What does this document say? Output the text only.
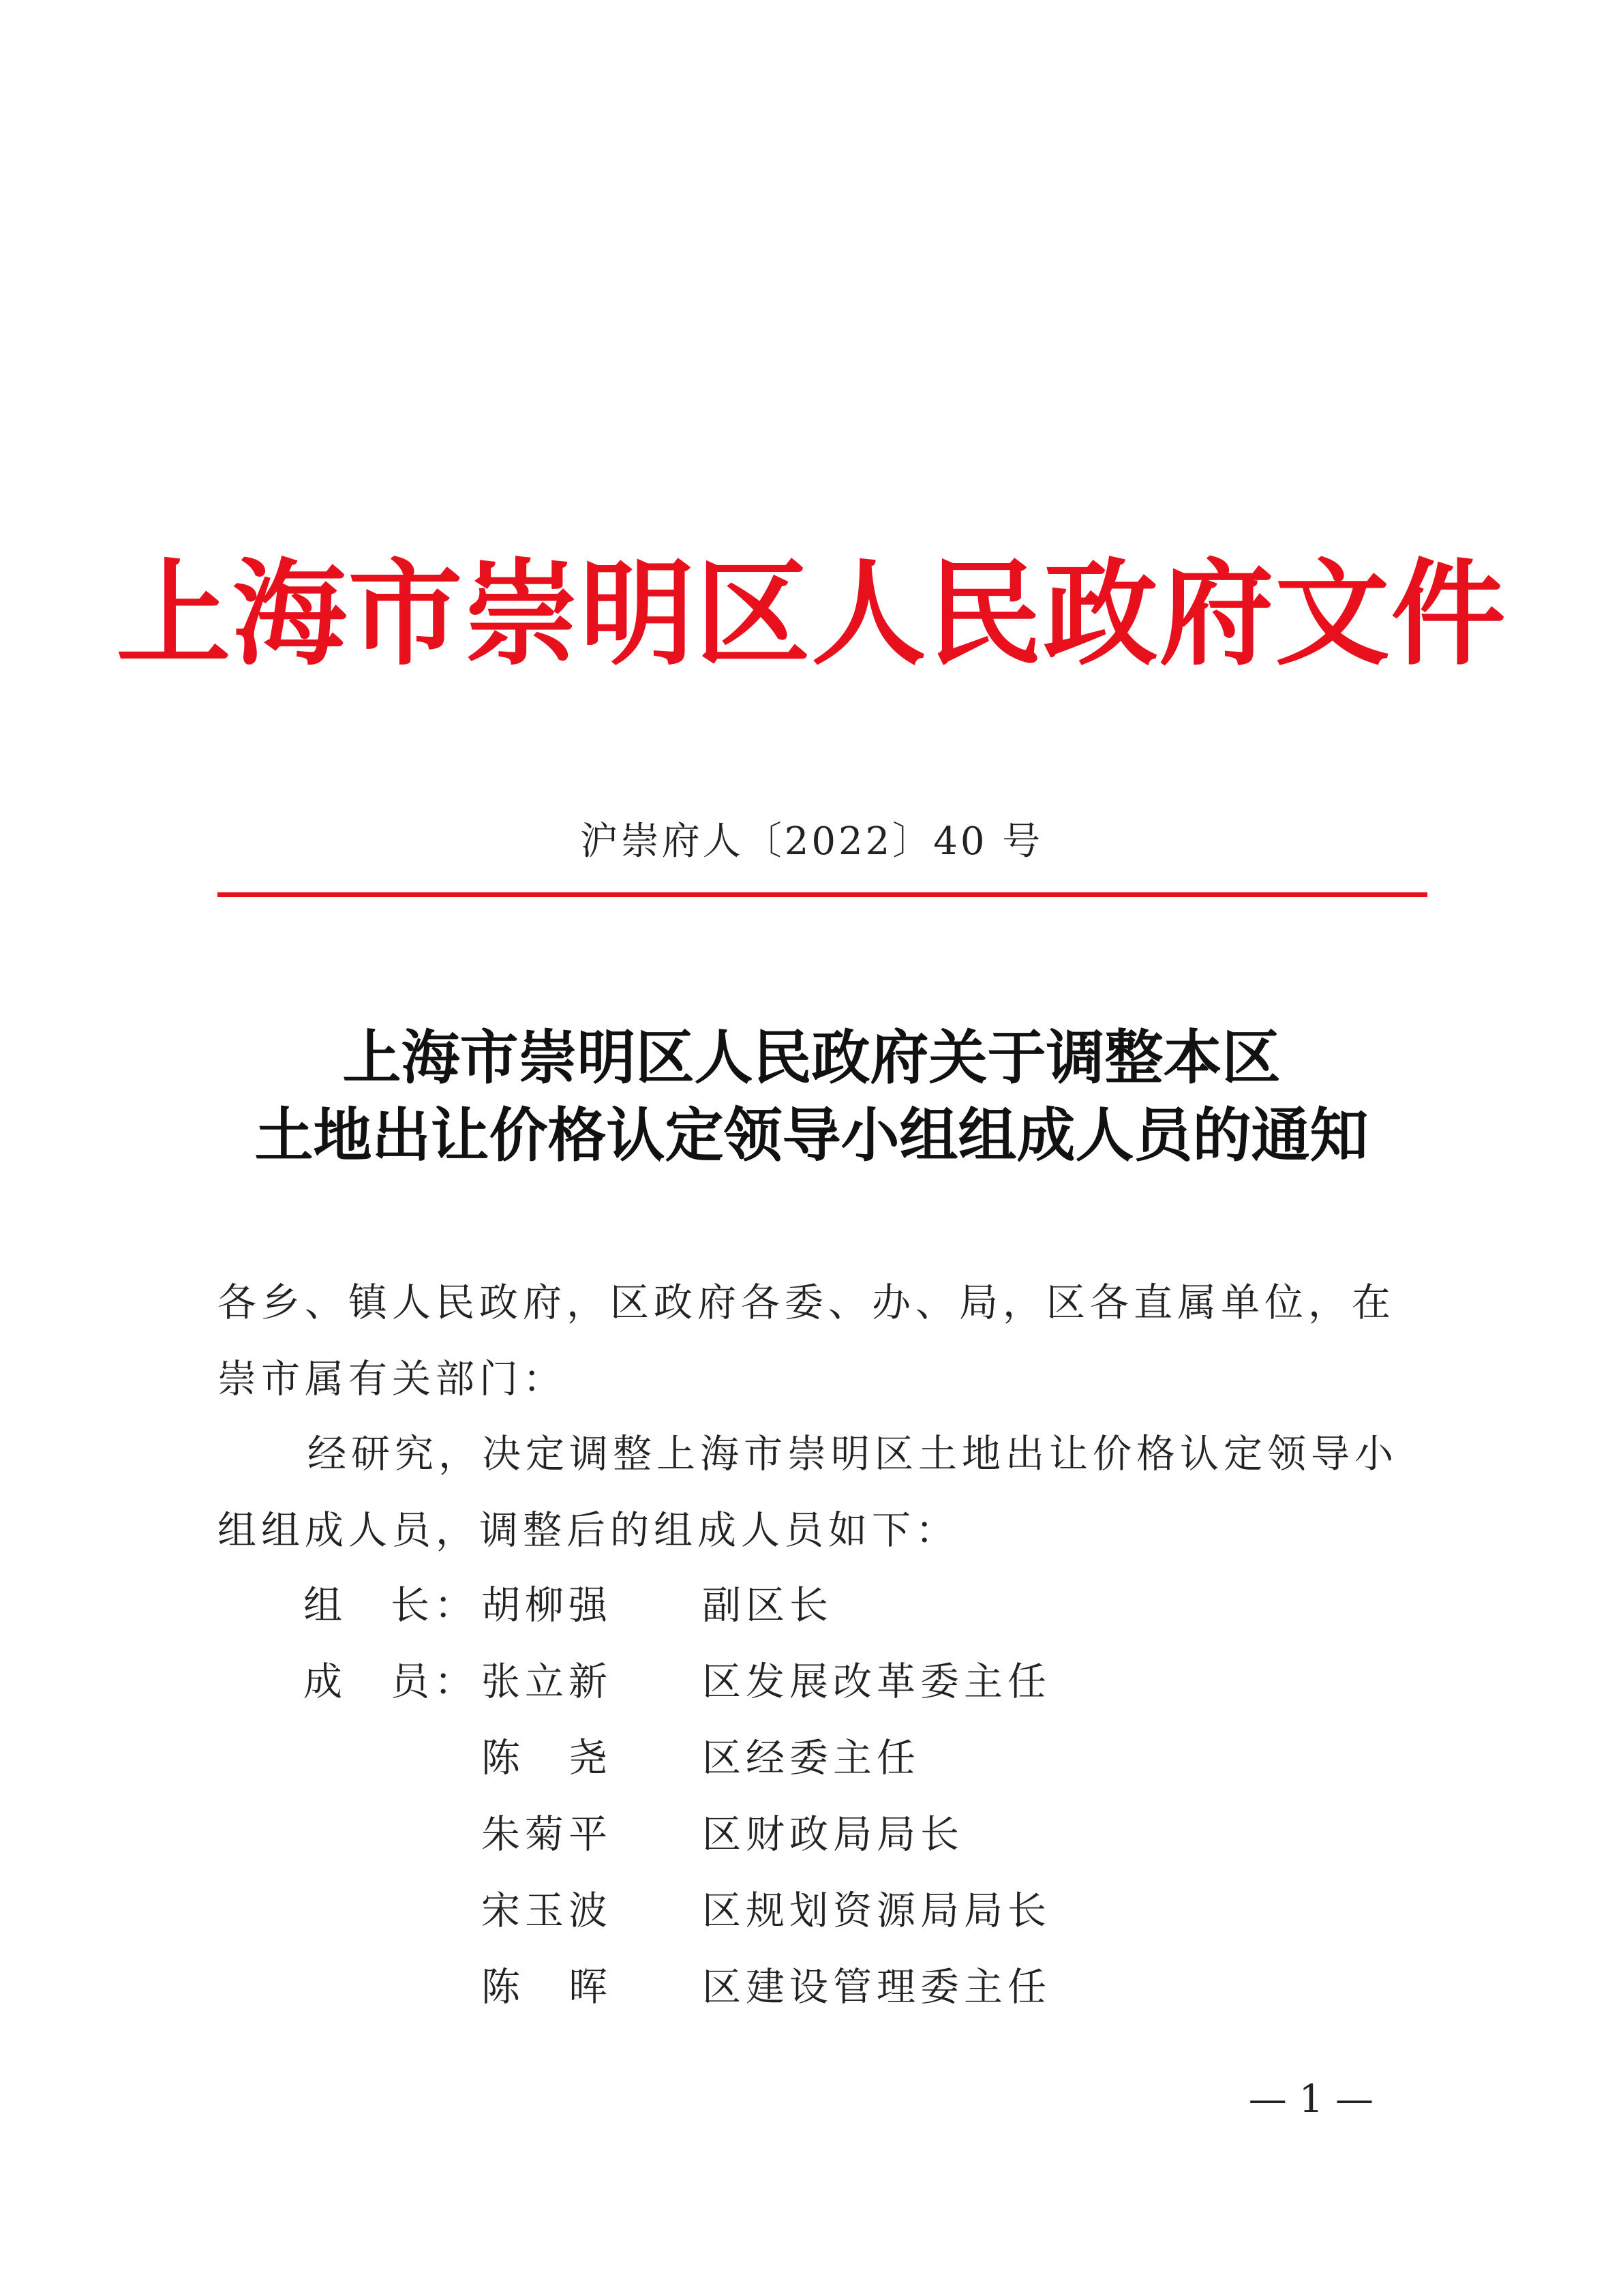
上海市崇明区人民政府文件
沪崇府人〔2022〕40 号
上海市崇明区人民政府关于调整本区
土地出让价格认定领导小组组成人员的通知
各乡、镇人民政府，区政府各委、办、局，区各直属单位，在崇市属有关部门：
经研究，决定调整上海市崇明区土地出让价格认定领导小组组成人员，调整后的组成人员如下：
组　长： 胡柳强 副区长
成　员： 张立新 区发展改革委主任
陈　尧 区经委主任
朱菊平 区财政局局长
宋玉波 区规划资源局局长
陈　晖 区建设管理委主任
— 1 —
